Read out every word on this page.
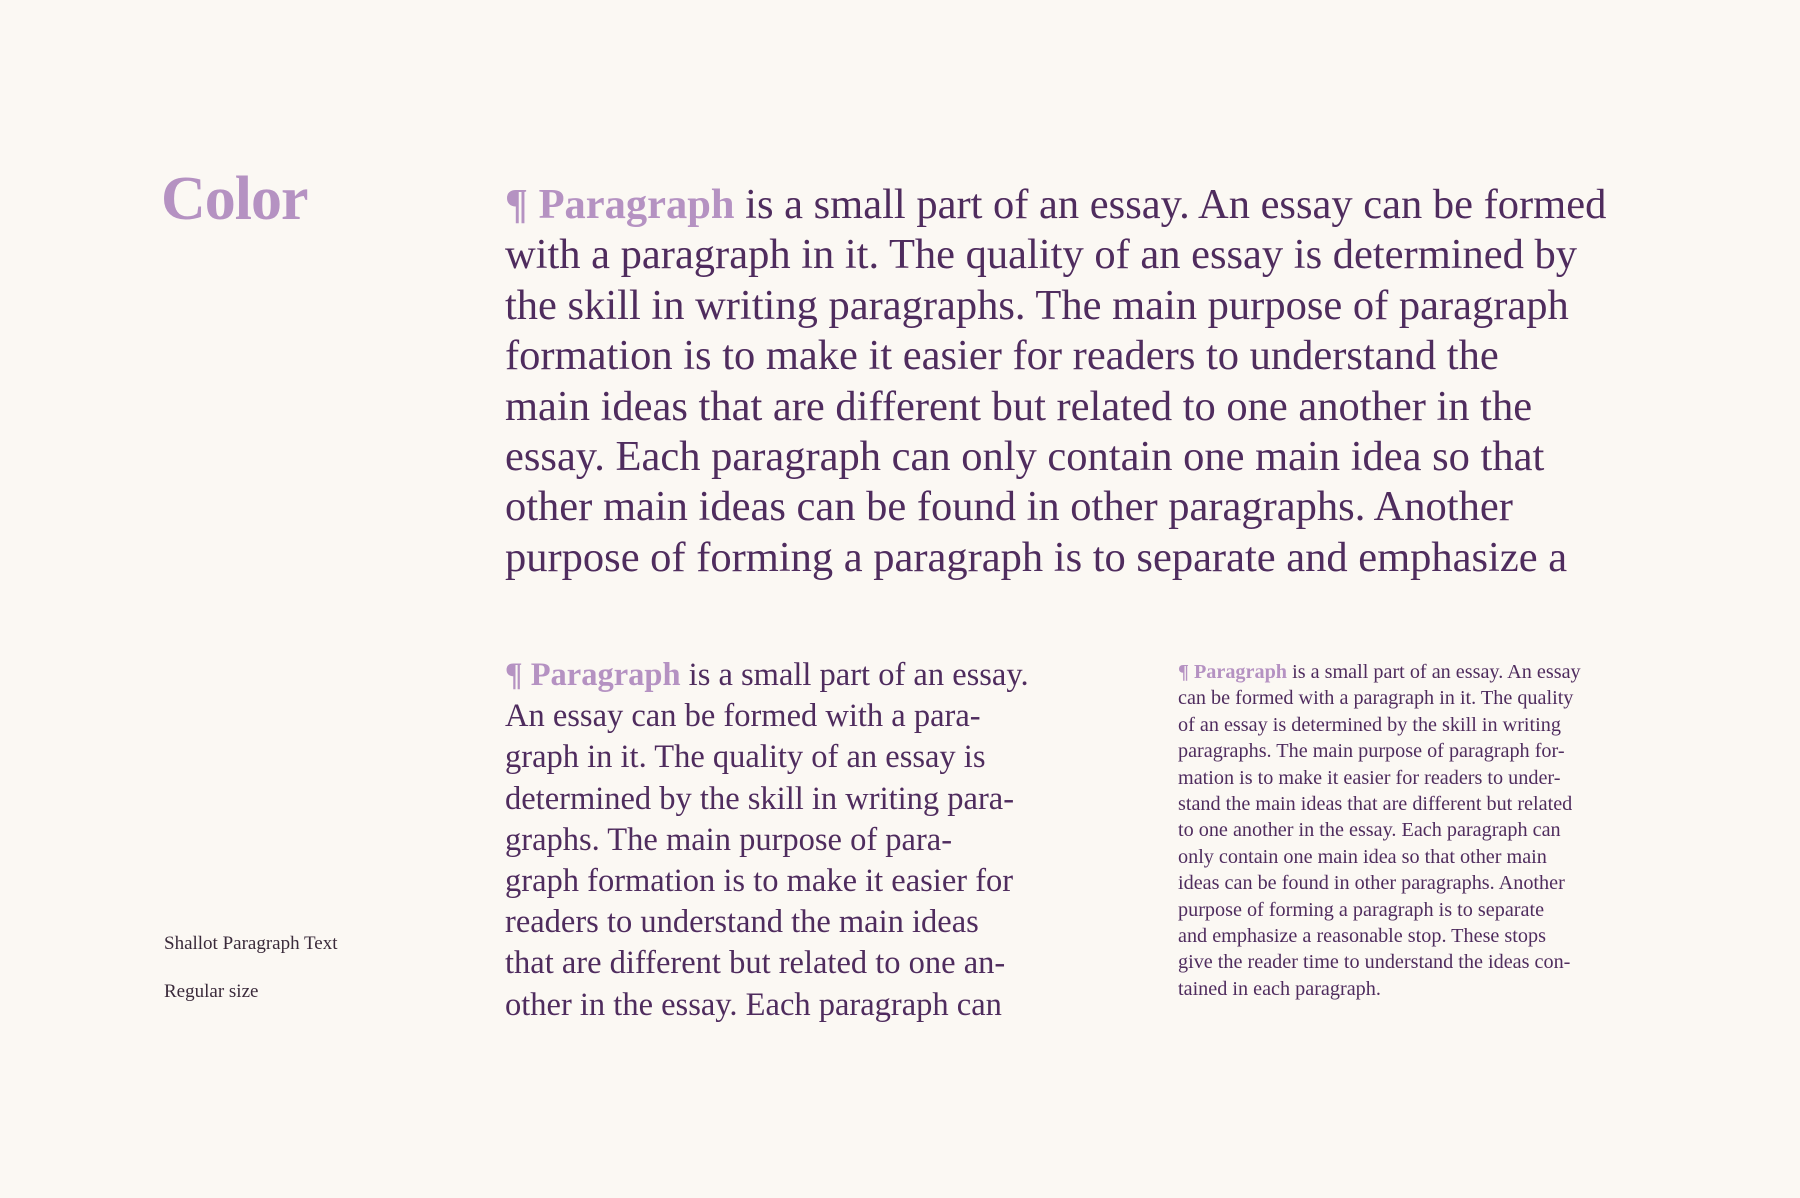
Color

Shallot Paragraph Text

Regular size

¶ Paragraph is a small part of an essay. An essay can be formed
with a paragraph in it. The quality of an essay is determined by
the skill in writing paragraphs. The main purpose of paragraph
formation is to make it easier for readers to understand the
main ideas that are different but related to one another in the
essay. Each paragraph can only contain one main idea so that
other main ideas can be found in other paragraphs. Another
purpose of forming a paragraph is to separate and emphasize a

¶ Paragraph is a small part of an essay.
An essay can be formed with a para-
graph in it. The quality of an essay is
determined by the skill in writing para-
graphs. The main purpose of para-
graph formation is to make it easier for
readers to understand the main ideas
that are different but related to one an-
other in the essay. Each paragraph can

¶ Paragraph is a small part of an essay. An essay
can be formed with a paragraph in it. The quality
of an essay is determined by the skill in writing
paragraphs. The main purpose of paragraph for-
mation is to make it easier for readers to under-
stand the main ideas that are different but related
to one another in the essay. Each paragraph can
only contain one main idea so that other main
ideas can be found in other paragraphs. Another
purpose of forming a paragraph is to separate
and emphasize a reasonable stop. These stops
give the reader time to understand the ideas con-
tained in each paragraph.
